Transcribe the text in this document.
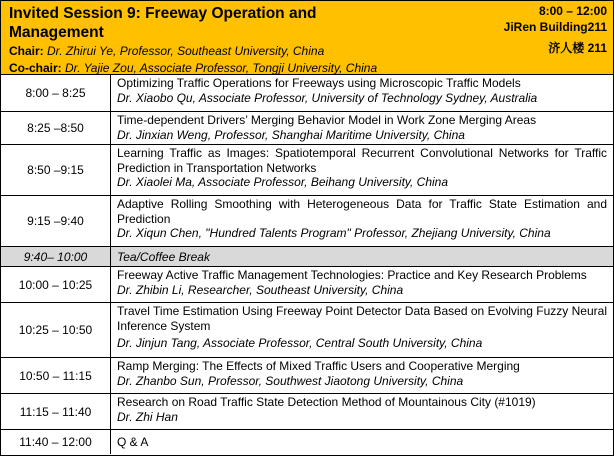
Invited Session 9: Freeway Operation and Management
Chair: Dr. Zhirui Ye, Professor, Southeast University, China
Co-chair: Dr. Yajie Zou, Associate Professor, Tongji University, China
8:00 – 12:00
JiRen Building211
济人楼 211
8:00 – 8:25
Optimizing Traffic Operations for Freeways using Microscopic Traffic Models
Dr. Xiaobo Qu, Associate Professor, University of Technology Sydney, Australia
8:25 –8:50
Time-dependent Drivers’ Merging Behavior Model in Work Zone Merging Areas
Dr. Jinxian Weng, Professor, Shanghai Maritime University, China
8:50 –9:15
Learning Traffic as Images: Spatiotemporal Recurrent Convolutional Networks for Traffic Prediction in Transportation Networks
Dr. Xiaolei Ma, Associate Professor, Beihang University, China
9:15 –9:40
Adaptive Rolling Smoothing with Heterogeneous Data for Traffic State Estimation and Prediction
Dr. Xiqun Chen, "Hundred Talents Program" Professor, Zhejiang University, China
9:40– 10:00	Tea/Coffee Break
10:00 – 10:25
Freeway Active Traffic Management Technologies: Practice and Key Research Problems
Dr. Zhibin Li, Researcher, Southeast University, China
10:25 – 10:50
Travel Time Estimation Using Freeway Point Detector Data Based on Evolving Fuzzy Neural Inference System
Dr. Jinjun Tang, Associate Professor, Central South University, China
10:50 – 11:15
Ramp Merging: The Effects of Mixed Traffic Users and Cooperative Merging
Dr. Zhanbo Sun, Professor, Southwest Jiaotong University, China
11:15 – 11:40
Research on Road Traffic State Detection Method of Mountainous City (#1019)
Dr. Zhi Han
11:40 – 12:00	Q & A
